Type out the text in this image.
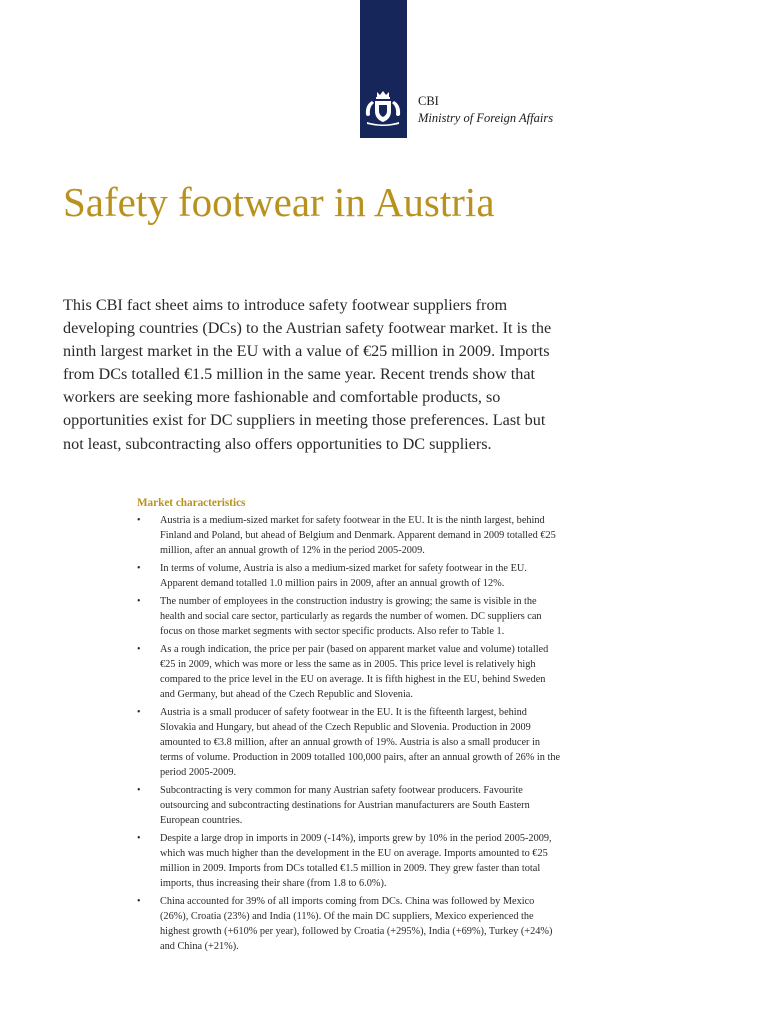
CBI
Ministry of Foreign Affairs
Safety footwear in Austria

This CBI fact sheet aims to introduce safety footwear suppliers from developing countries (DCs) to the Austrian safety footwear market. It is the ninth largest market in the EU with a value of €25 million in 2009. Imports from DCs totalled €1.5 million in the same year. Recent trends show that workers are seeking more fashionable and comfortable products, so opportunities exist for DC suppliers in meeting those preferences. Last but not least, subcontracting also offers opportunities to DC suppliers.

Market characteristics
• Austria is a medium-sized market for safety footwear in the EU. It is the ninth largest, behind Finland and Poland, but ahead of Belgium and Denmark. Apparent demand in 2009 totalled €25 million, after an annual growth of 12% in the period 2005-2009.
• In terms of volume, Austria is also a medium-sized market for safety footwear in the EU. Apparent demand totalled 1.0 million pairs in 2009, after an annual growth of 12%.
• The number of employees in the construction industry is growing; the same is visible in the health and social care sector, particularly as regards the number of women. DC suppliers can focus on those market segments with sector specific products. Also refer to Table 1.
• As a rough indication, the price per pair (based on apparent market value and volume) totalled €25 in 2009, which was more or less the same as in 2005. This price level is relatively high compared to the price level in the EU on average. It is fifth highest in the EU, behind Sweden and Germany, but ahead of the Czech Republic and Slovenia.
• Austria is a small producer of safety footwear in the EU. It is the fifteenth largest, behind Slovakia and Hungary, but ahead of the Czech Republic and Slovenia. Production in 2009 amounted to €3.8 million, after an annual growth of 19%. Austria is also a small producer in terms of volume. Production in 2009 totalled 100,000 pairs, after an annual growth of 26% in the period 2005-2009.
• Subcontracting is very common for many Austrian safety footwear producers. Favourite outsourcing and subcontracting destinations for Austrian manufacturers are South Eastern European countries.
• Despite a large drop in imports in 2009 (-14%), imports grew by 10% in the period 2005-2009, which was much higher than the development in the EU on average. Imports amounted to €25 million in 2009. Imports from DCs totalled €1.5 million in 2009. They grew faster than total imports, thus increasing their share (from 1.8 to 6.0%).
• China accounted for 39% of all imports coming from DCs. China was followed by Mexico (26%), Croatia (23%) and India (11%). Of the main DC suppliers, Mexico experienced the highest growth (+610% per year), followed by Croatia (+295%), India (+69%), Turkey (+24%) and China (+21%).
